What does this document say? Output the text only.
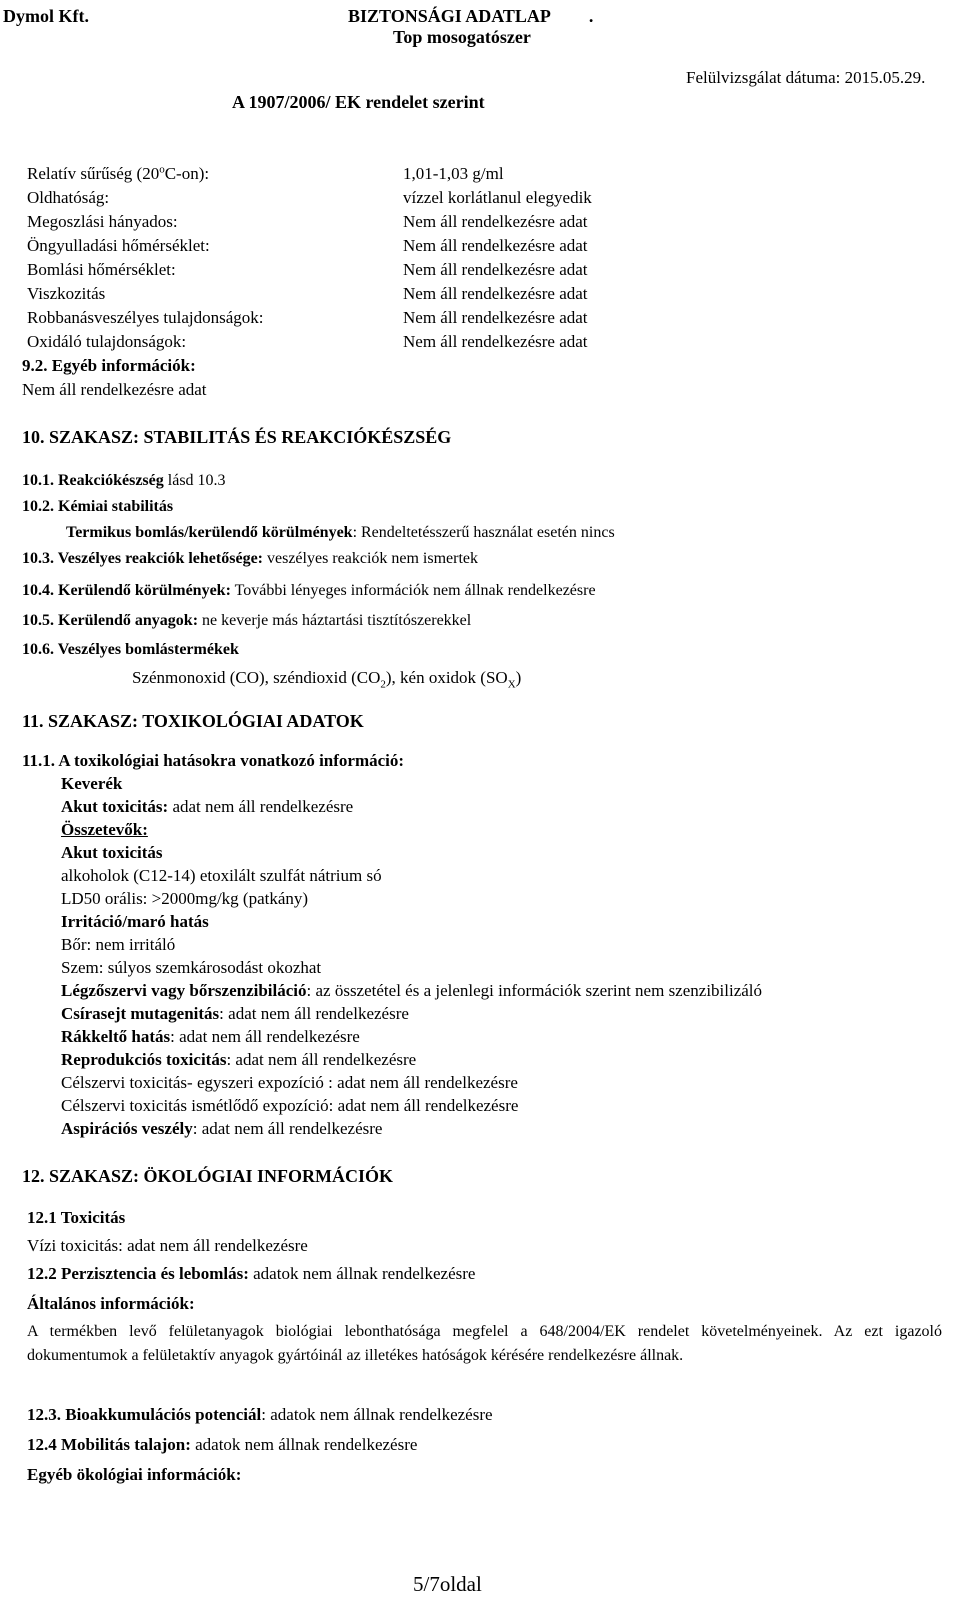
Dymol Kft.	BIZTONSÁGI ADATLAP .
Top mosogatószer
Felülvizsgálat dátuma: 2015.05.29.
A 1907/2006/ EK rendelet szerint
Relatív sűrűség (20$^o$C-on):
Oldhatóság:
Megoszlási hányados:
Öngyulladási hőmérséklet:
Bomlási hőmérséklet:
Viszkozitás
Robbanásveszélyes tulajdonságok:
Oxidáló tulajdonságok:
1,01-1,03 g/ml
vízzel korlátlanul elegyedik
Nem áll rendelkezésre adat
Nem áll rendelkezésre adat
Nem áll rendelkezésre adat
Nem áll rendelkezésre adat
Nem áll rendelkezésre adat
Nem áll rendelkezésre adat
9.2. Egyéb információk:
Nem áll rendelkezésre adat
10. SZAKASZ: STABILITÁS ÉS REAKCIÓKÉSZSÉG
10.1. Reakciókészség lásd 10.3
10.2. Kémiai stabilitás
Termikus bomlás/kerülendő körülmények: Rendeltetésszerű használat esetén nincs
10.3. Veszélyes reakciók lehetősége: veszélyes reakciók nem ismertek
10.4. Kerülendő körülmények: További lényeges információk nem állnak rendelkezésre
10.5. Kerülendő anyagok: ne keverje más háztartási tisztítószerekkel
10.6. Veszélyes bomlástermékek
Szénmonoxid (CO), széndioxid $(CO_2)$, kén oxidok $(SO_X)$
11. SZAKASZ: TOXIKOLÓGIAI ADATOK
11.1. A toxikológiai hatásokra vonatkozó információ:
Keverék
Akut toxicitás: adat nem áll rendelkezésre
Összetevők:
Akut toxicitás
alkoholok (C12-14) etoxilált szulfát nátrium só
LD50 orális: >2000mg/kg (patkány)
Irritáció/maró hatás
Bőr: nem irritáló
Szem: súlyos szemkárosodást okozhat
Légzőszervi vagy bőrszenzibiláció: az összetétel és a jelenlegi információk szerint nem szenzibilizáló
Csírasejt mutagenitás: adat nem áll rendelkezésre
Rákkeltő hatás: adat nem áll rendelkezésre
Reprodukciós toxicitás: adat nem áll rendelkezésre
Célszervi toxicitás- egyszeri expozíció : adat nem áll rendelkezésre
Célszervi toxicitás ismétlődő expozíció: adat nem áll rendelkezésre
Aspirációs veszély: adat nem áll rendelkezésre
12. SZAKASZ: ÖKOLÓGIAI INFORMÁCIÓK
12.1 Toxicitás
Vízi toxicitás: adat nem áll rendelkezésre
12.2 Perzisztencia és lebomlás: adatok nem állnak rendelkezésre
Általános információk:
A termékben levő felületanyagok biológiai lebonthatósága megfelel a 648/2004/EK rendelet követelményeinek. Az ezt igazoló dokumentumok a felületaktív anyagok gyártóinál az illetékes hatóságok kérésére rendelkezésre állnak.
12.3. Bioakkumulációs potenciál: adatok nem állnak rendelkezésre
12.4 Mobilitás talajon: adatok nem állnak rendelkezésre
Egyéb ökológiai információk:
5/7oldal
